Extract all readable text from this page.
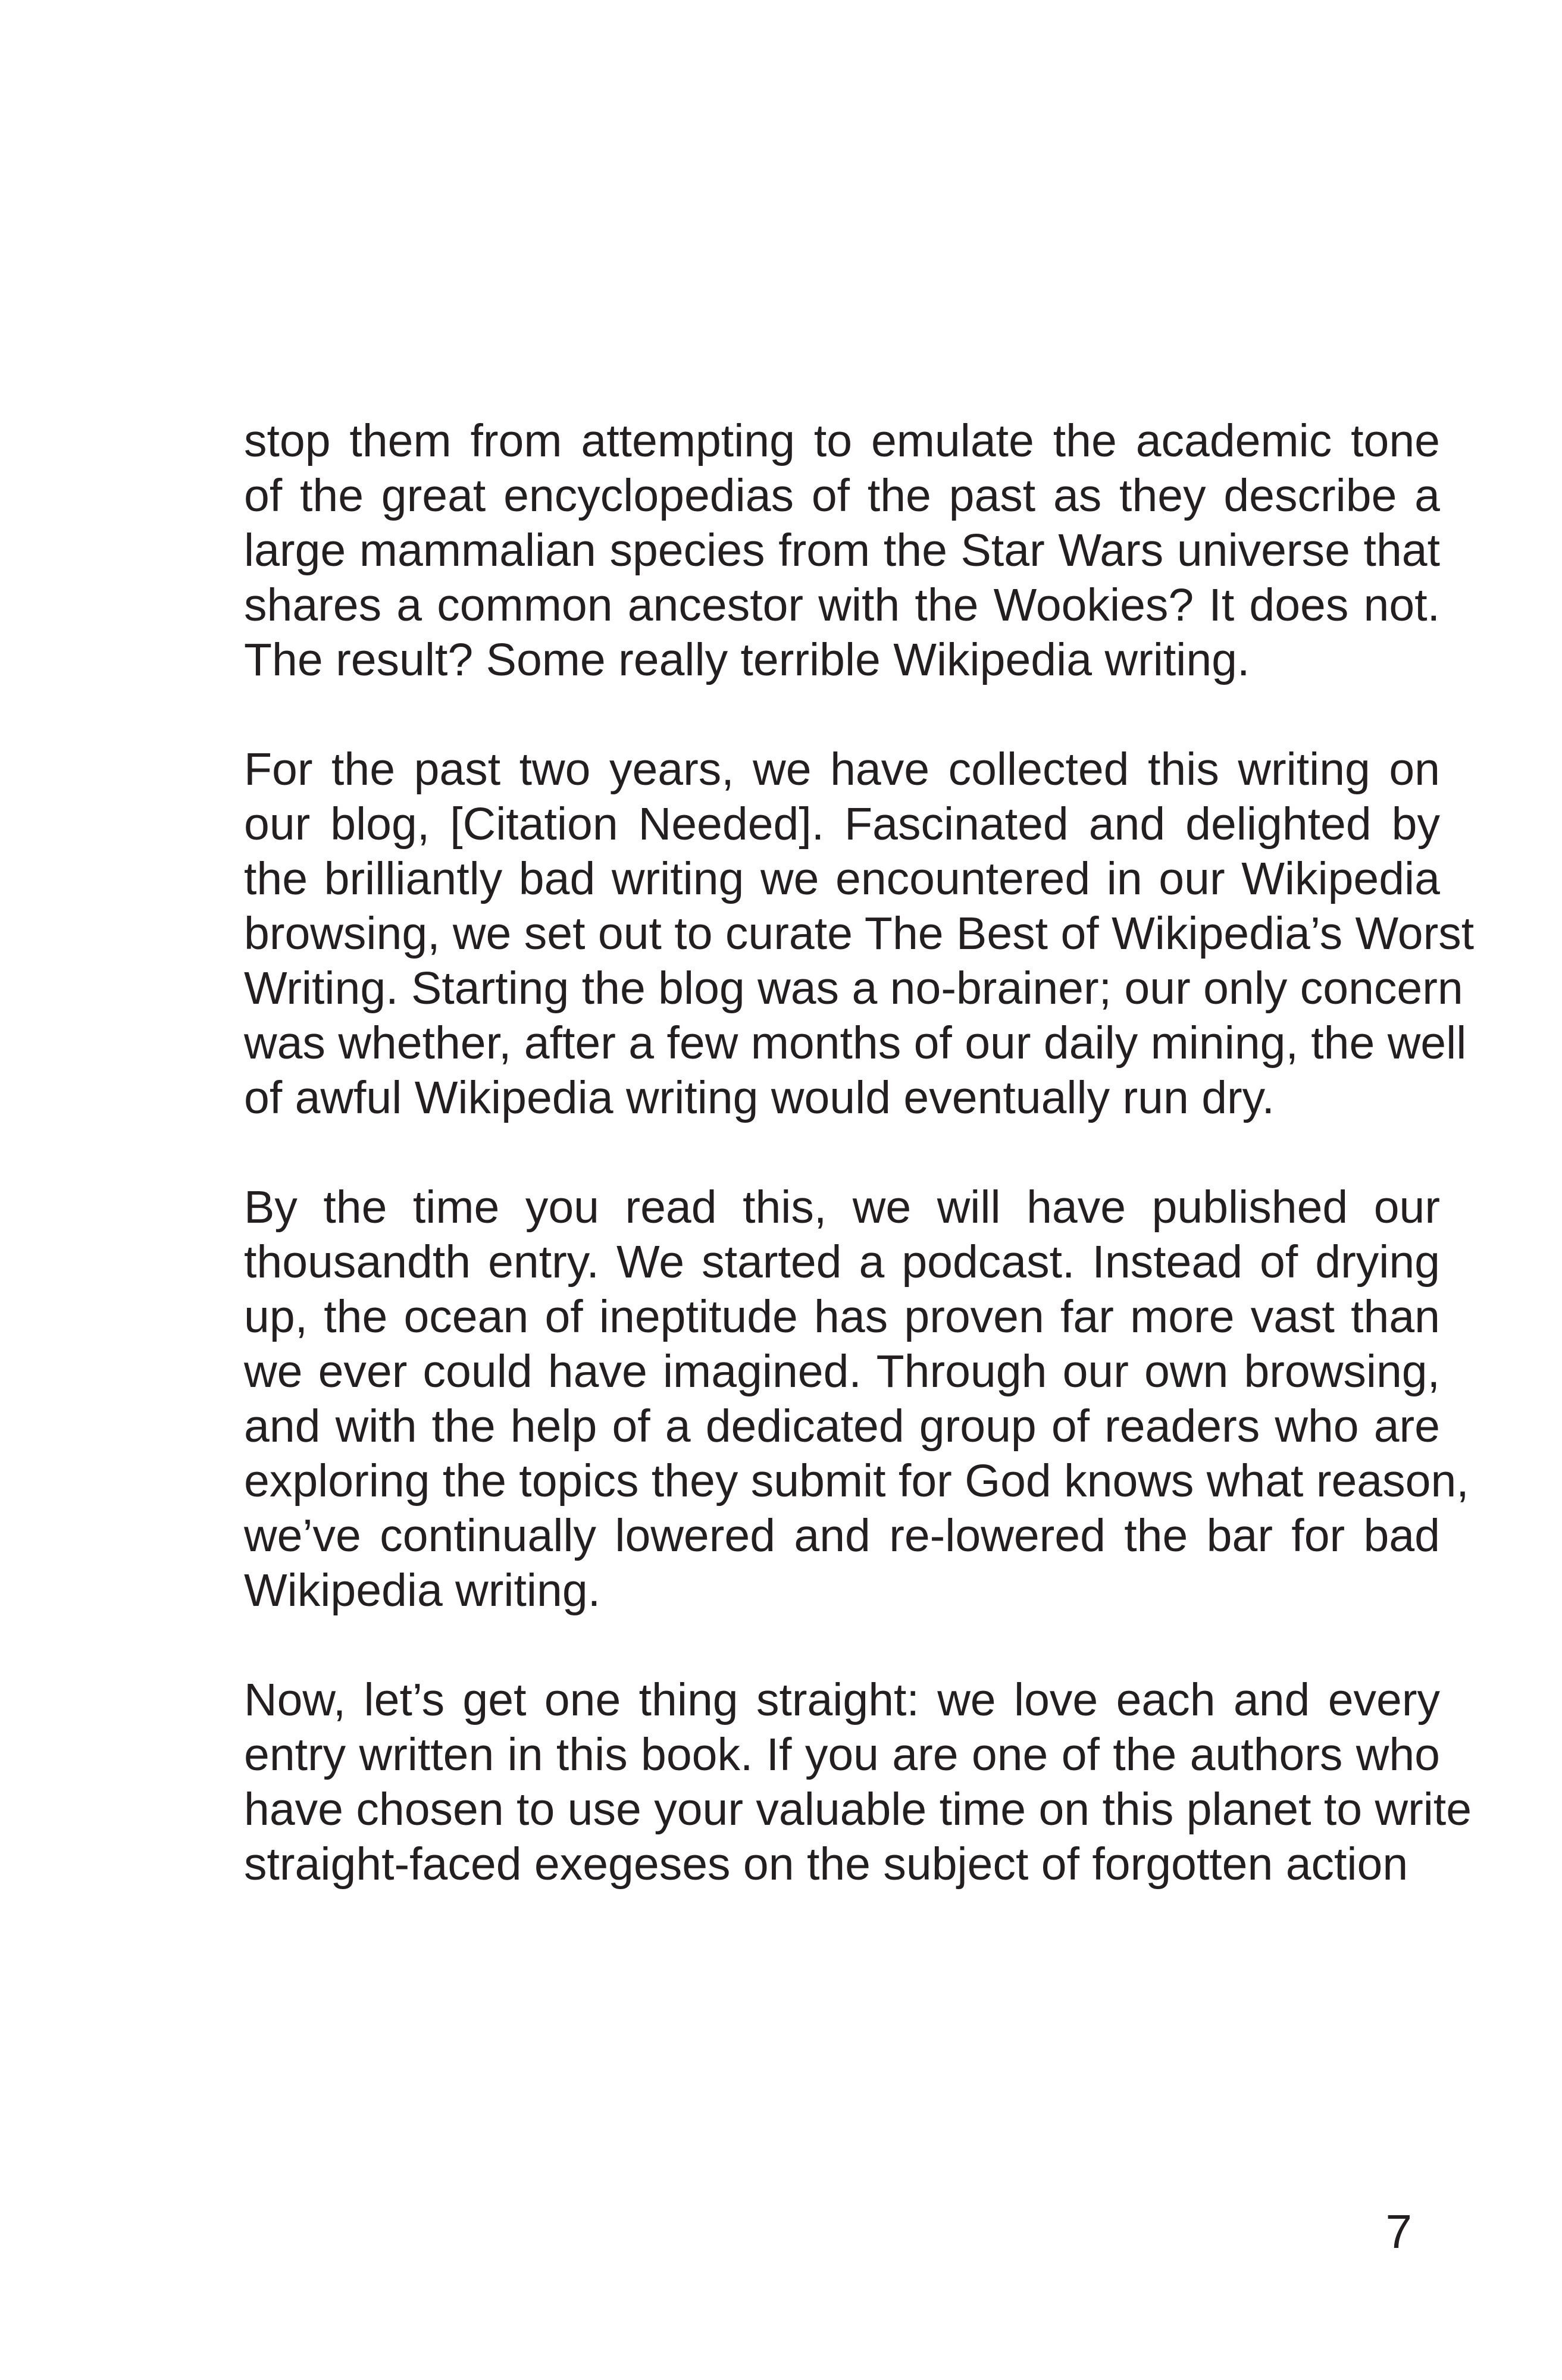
stop them from attempting to emulate the academic tone
of the great encyclopedias of the past as they describe a
large mammalian species from the Star Wars universe that
shares a common ancestor with the Wookies? It does not.
The result? Some really terrible Wikipedia writing.

For the past two years, we have collected this writing on
our blog, [Citation Needed]. Fascinated and delighted by
the brilliantly bad writing we encountered in our Wikipedia
browsing, we set out to curate The Best of Wikipedia’s Worst
Writing. Starting the blog was a no-brainer; our only concern
was whether, after a few months of our daily mining, the well
of awful Wikipedia writing would eventually run dry.

By the time you read this, we will have published our
thousandth entry. We started a podcast. Instead of drying
up, the ocean of ineptitude has proven far more vast than
we ever could have imagined. Through our own browsing,
and with the help of a dedicated group of readers who are
exploring the topics they submit for God knows what reason,
we’ve continually lowered and re-lowered the bar for bad
Wikipedia writing.

Now, let’s get one thing straight: we love each and every
entry written in this book. If you are one of the authors who
have chosen to use your valuable time on this planet to write
straight-faced exegeses on the subject of forgotten action

7
